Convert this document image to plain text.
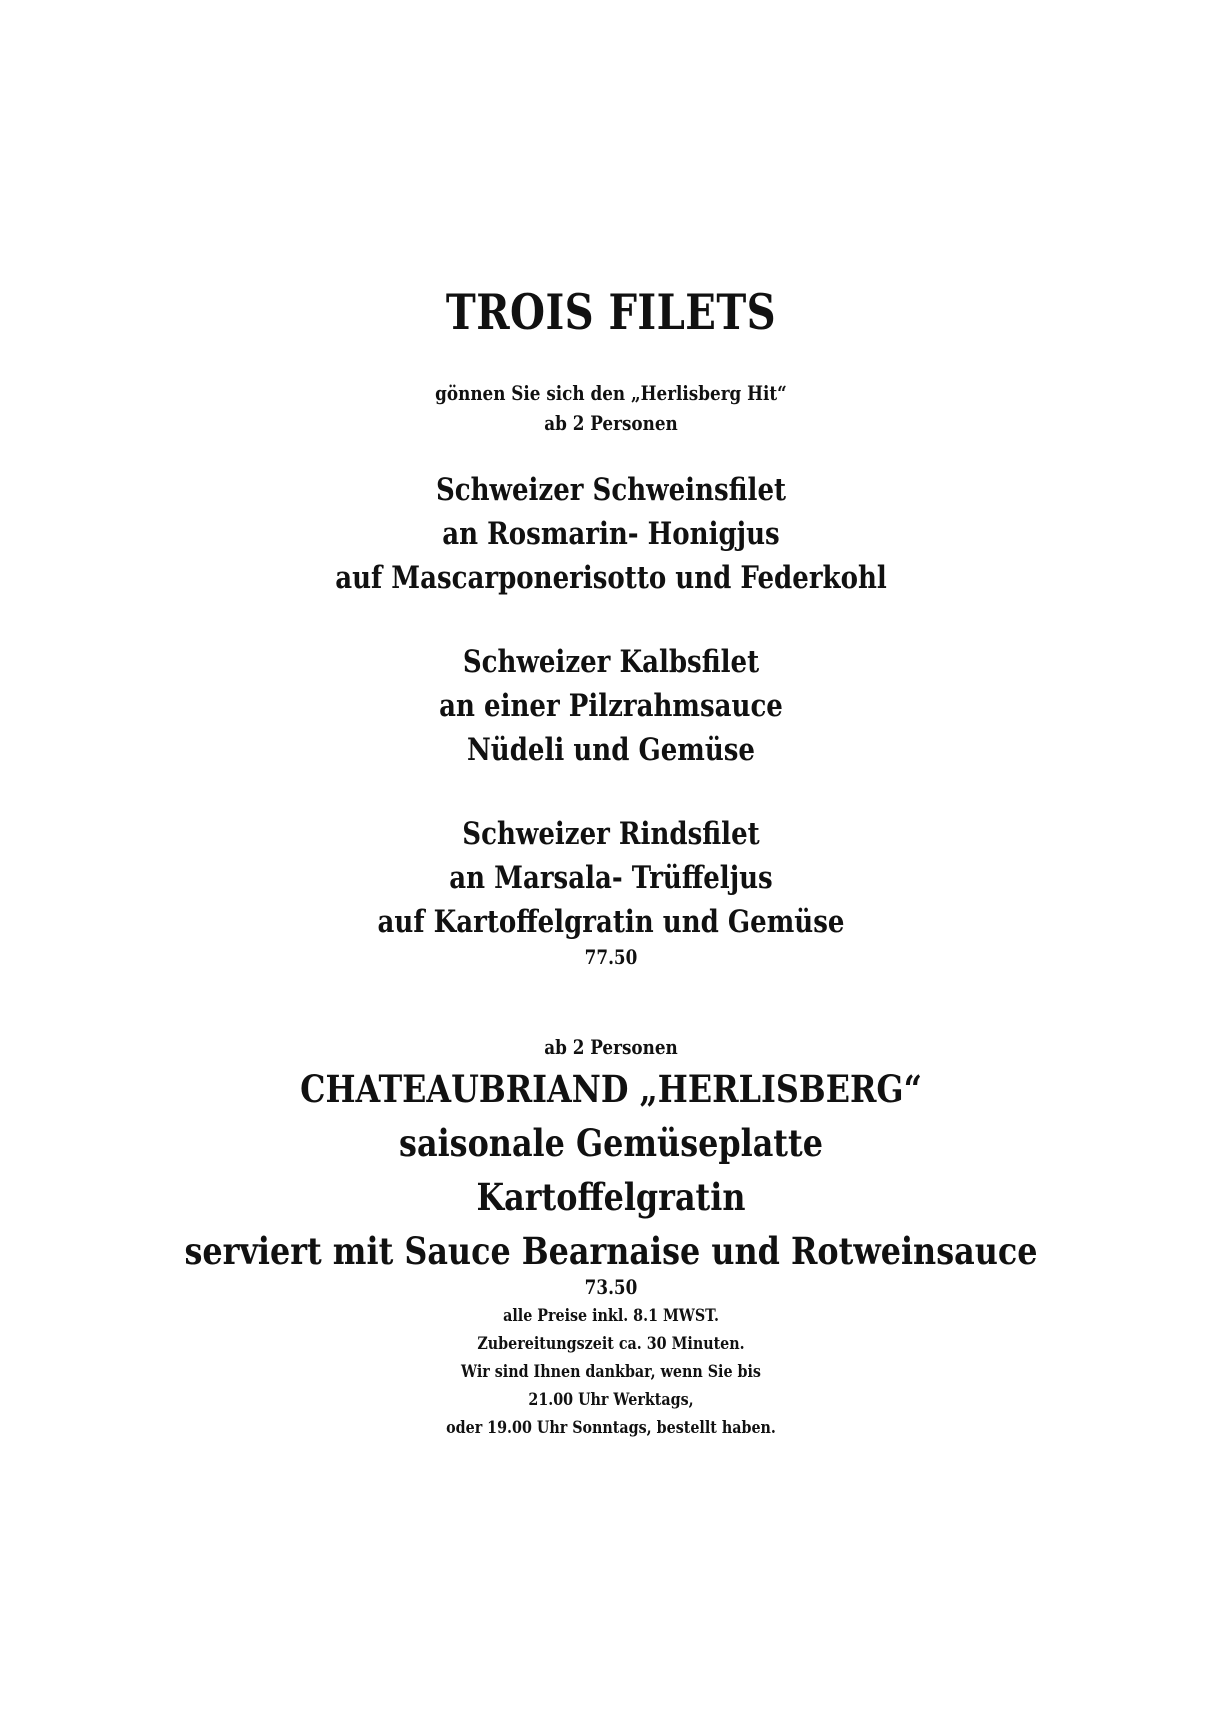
TROIS FILETS
gönnen Sie sich den „Herlisberg Hit“
ab 2 Personen
Schweizer Schweinsfilet
an Rosmarin- Honigjus
auf Mascarponerisotto und Federkohl
Schweizer Kalbsfilet
an einer Pilzrahmsauce
Nüdeli und Gemüse
Schweizer Rindsfilet
an Marsala- Trüffeljus
auf Kartoffelgratin und Gemüse
77.50
ab 2 Personen
CHATEAUBRIAND „HERLISBERG“
saisonale Gemüseplatte
Kartoffelgratin
serviert mit Sauce Bearnaise und Rotweinsauce
73.50
alle Preise inkl. 8.1 MWST.
Zubereitungszeit ca. 30 Minuten.
Wir sind Ihnen dankbar, wenn Sie bis
21.00 Uhr Werktags,
oder 19.00 Uhr Sonntags, bestellt haben.
